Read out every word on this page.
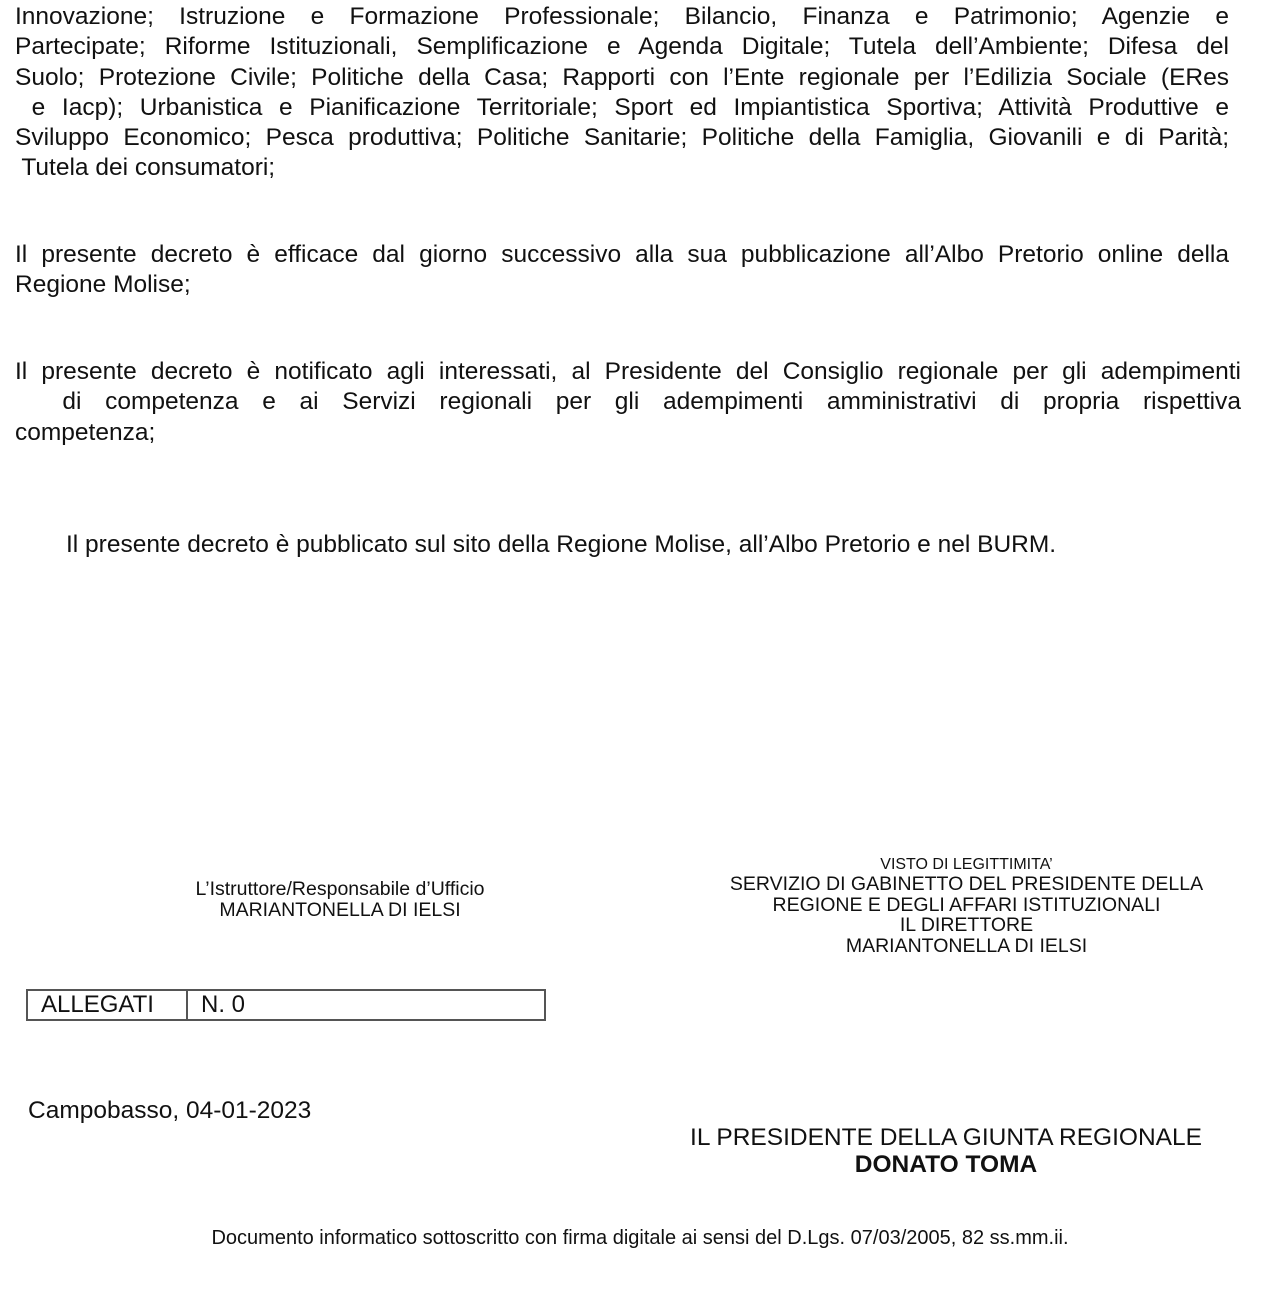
Innovazione; Istruzione e Formazione Professionale; Bilancio, Finanza e Patrimonio; Agenzie e
Partecipate; Riforme Istituzionali, Semplificazione e Agenda Digitale; Tutela dell’Ambiente; Difesa del
Suolo; Protezione Civile; Politiche della Casa; Rapporti con l’Ente regionale per l’Edilizia Sociale (ERes
e Iacp); Urbanistica e Pianificazione Territoriale; Sport ed Impiantistica Sportiva; Attività Produttive e
Sviluppo Economico; Pesca produttiva; Politiche Sanitarie; Politiche della Famiglia, Giovanili e di Parità;
Tutela dei consumatori;

Il presente decreto è efficace dal giorno successivo alla sua pubblicazione all’Albo Pretorio online della
Regione Molise;

Il presente decreto è notificato agli interessati, al Presidente del Consiglio regionale per gli adempimenti
di competenza e ai Servizi regionali per gli adempimenti amministrativi di propria rispettiva
competenza;

Il presente decreto è pubblicato sul sito della Regione Molise, all’Albo Pretorio e nel BURM.

L’Istruttore/Responsabile d’Ufficio
MARIANTONELLA DI IELSI
VISTO DI LEGITTIMITA’
SERVIZIO DI GABINETTO DEL PRESIDENTE DELLA
REGIONE E DEGLI AFFARI ISTITUZIONALI
IL DIRETTORE
MARIANTONELLA DI IELSI
ALLEGATI	N. 0
Campobasso, 04-01-2023
IL PRESIDENTE DELLA GIUNTA REGIONALE
DONATO TOMA
Documento informatico sottoscritto con firma digitale ai sensi del D.Lgs. 07/03/2005, 82 ss.mm.ii.
